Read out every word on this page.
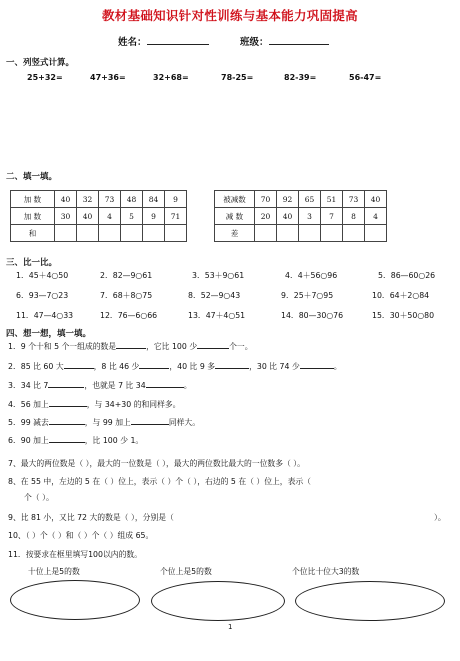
教材基础知识针对性训练与基本能力巩固提高
姓名：	班级：
一、列竖式计算。
25+32=	47+36=	32+68=	78-25=	82-39=	56-47=
二、填一填。
加 数	40	32	73	48	84	9
加 数	30	40	4	5	9	71
和						
被减数	70	92	65	51	73	40
减 数	20	40	3	7	8	4
差						
三、比一比。
1．45＋4○50	2．82—9○61	3．53＋9○61	4．4＋56○96	5．86—60○26
6．93—7○23	7．68＋8○75	8．52—9○43	9．25＋7○95	10．64＋2○84
11．47—4○33	12．76—6○66	13．47＋4○51	14．80—30○76	15．30＋50○80
四、想一想，填一填。
1．9 个十和 5 个一组成的数是	，它比 100 少	个一。
2．85 比 60 大	，8 比 46 少	，40 比 9 多	，30 比 74 少	。
3．34 比 7	，也就是 7 比 34	。
4．56 加上	，与 34+30 的和同样多。
5．99 减去	，与 99 加上	同样大。
6．90 加上	，比 100 少 1。
7、最大的两位数是（ ），最大的一位数是（ ），最大的两位数比最大的一位数多（ ）。
8、在 55 中，左边的 5 在（ ）位上，表示（ ）个（ ），右边的 5 在（ ）位上，表示（
个（ ）。
9、比 81 小，又比 72 大的数是（ ），分别是（	）。
10、（ ）个（ ）和（ ）个（ ）组成 65。
11．按要求在框里填写100以内的数。
十位上是5的数	个位上是5的数	个位比十位大3的数
1
